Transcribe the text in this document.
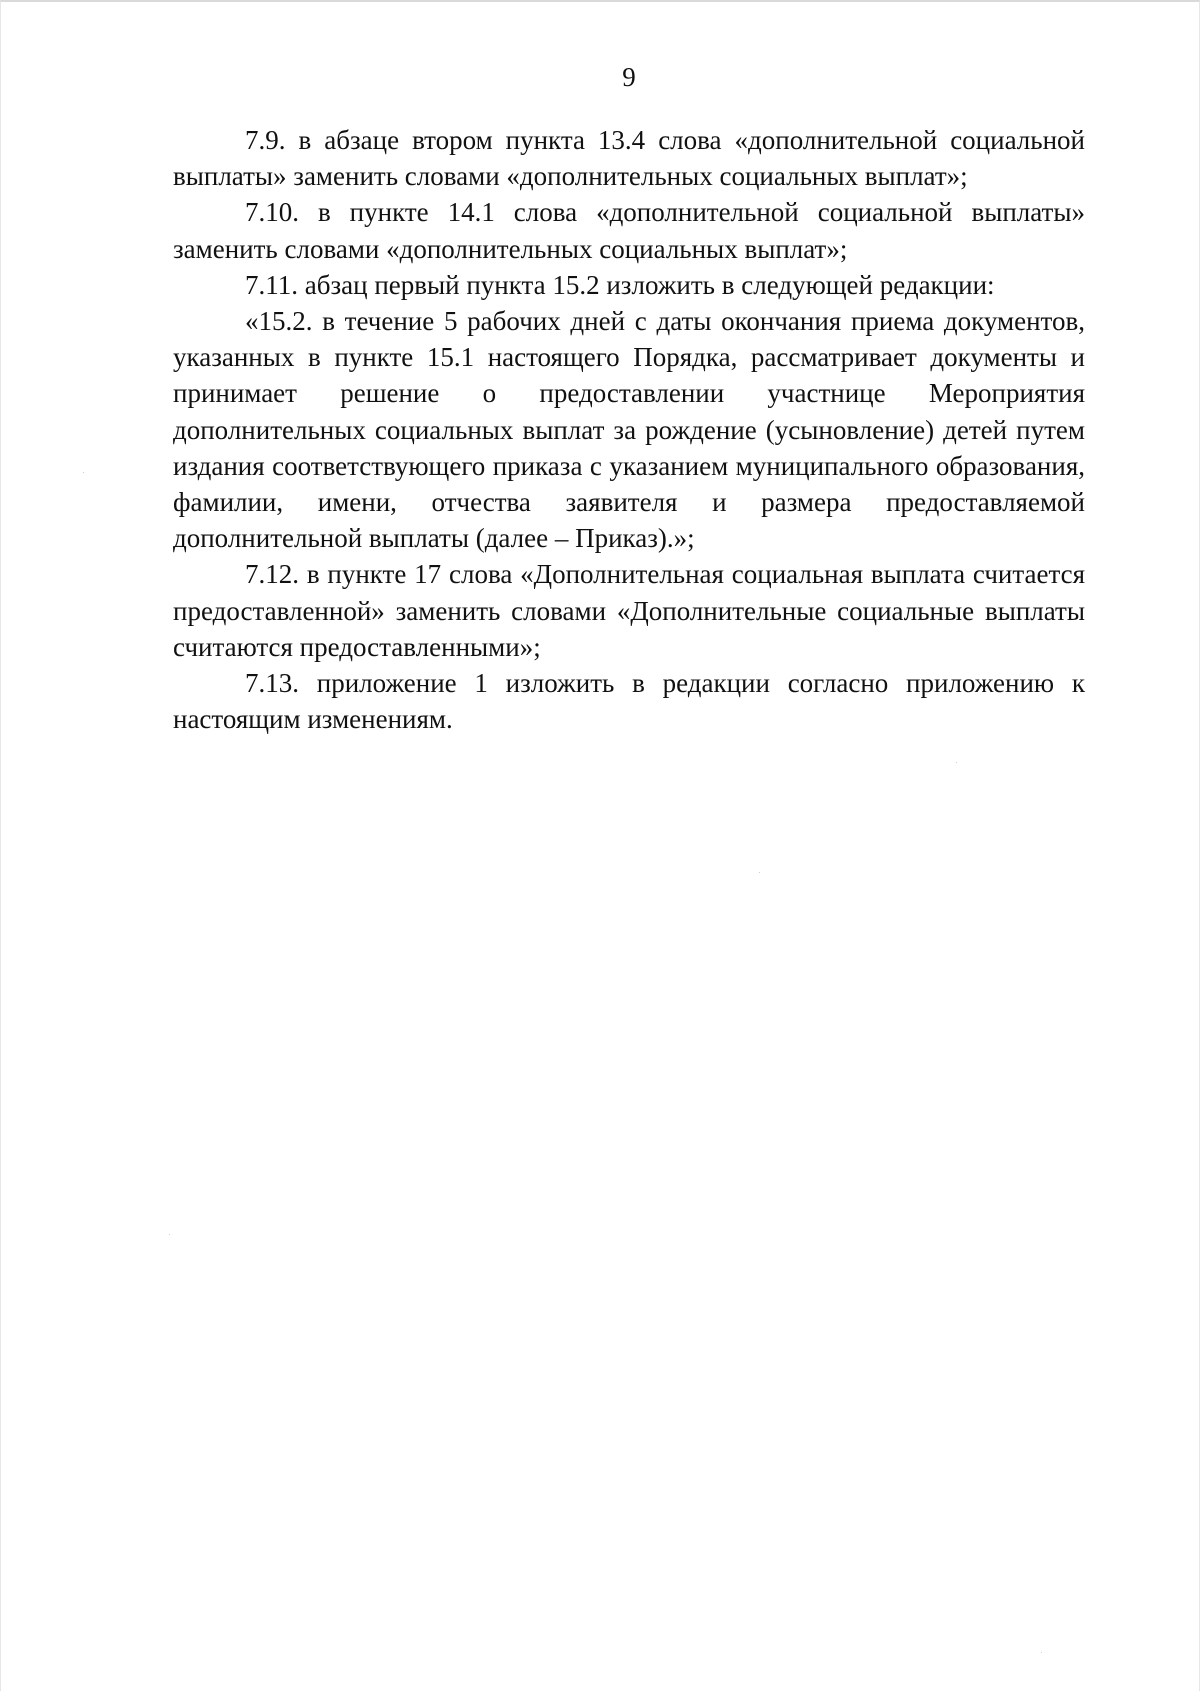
9

7.9. в абзаце втором пункта 13.4 слова «дополнительной социальной выплаты» заменить словами «дополнительных социальных выплат»;

7.10. в пункте 14.1 слова «дополнительной социальной выплаты» заменить словами «дополнительных социальных выплат»;

7.11. абзац первый пункта 15.2 изложить в следующей редакции:

«15.2. в течение 5 рабочих дней с даты окончания приема документов, указанных в пункте 15.1 настоящего Порядка, рассматривает документы и принимает решение о предоставлении участнице Мероприятия дополнительных социальных выплат за рождение (усыновление) детей путем издания соответствующего приказа с указанием муниципального образования, фамилии, имени, отчества заявителя и размера предоставляемой дополнительной выплаты (далее – Приказ).»;

7.12. в пункте 17 слова «Дополнительная социальная выплата считается предоставленной» заменить словами «Дополнительные социальные выплаты считаются предоставленными»;

7.13. приложение 1 изложить в редакции согласно приложению к настоящим изменениям.
